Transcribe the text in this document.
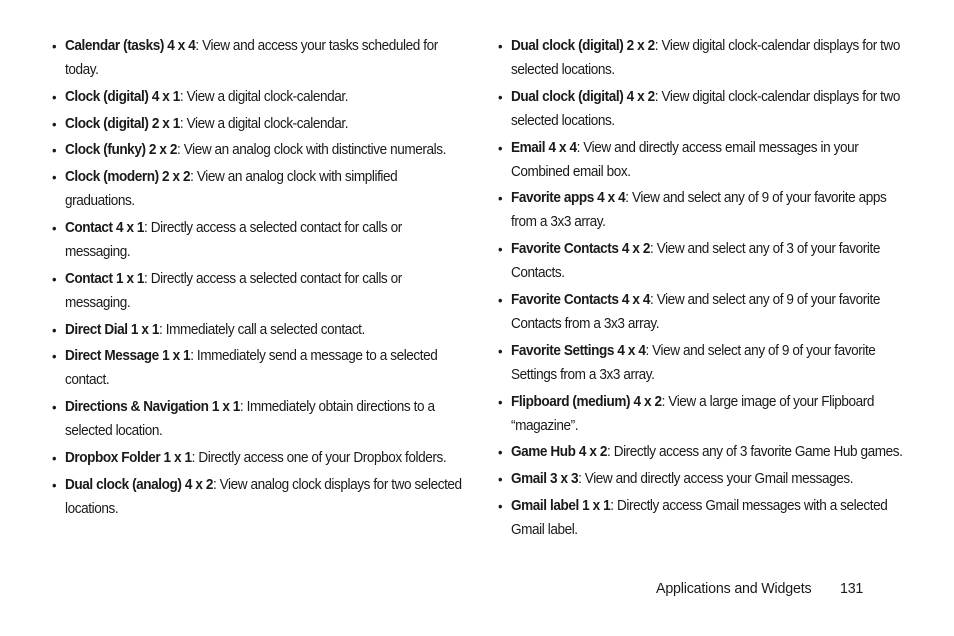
• Calendar (tasks) 4 x 4: View and access your tasks scheduled for today.
• Clock (digital) 4 x 1: View a digital clock-calendar.
• Clock (digital) 2 x 1: View a digital clock-calendar.
• Clock (funky) 2 x 2: View an analog clock with distinctive numerals.
• Clock (modern) 2 x 2: View an analog clock with simplified graduations.
• Contact 4 x 1: Directly access a selected contact for calls or messaging.
• Contact 1 x 1: Directly access a selected contact for calls or messaging.
• Direct Dial 1 x 1: Immediately call a selected contact.
• Direct Message 1 x 1: Immediately send a message to a selected contact.
• Directions & Navigation 1 x 1: Immediately obtain directions to a selected location.
• Dropbox Folder 1 x 1: Directly access one of your Dropbox folders.
• Dual clock (analog) 4 x 2: View analog clock displays for two selected locations.
• Dual clock (digital) 2 x 2: View digital clock-calendar displays for two selected locations.
• Dual clock (digital) 4 x 2: View digital clock-calendar displays for two selected locations.
• Email 4 x 4: View and directly access email messages in your Combined email box.
• Favorite apps 4 x 4: View and select any of 9 of your favorite apps from a 3x3 array.
• Favorite Contacts 4 x 2: View and select any of 3 of your favorite Contacts.
• Favorite Contacts 4 x 4: View and select any of 9 of your favorite Contacts from a 3x3 array.
• Favorite Settings 4 x 4: View and select any of 9 of your favorite Settings from a 3x3 array.
• Flipboard (medium) 4 x 2: View a large image of your Flipboard “magazine”.
• Game Hub 4 x 2: Directly access any of 3 favorite Game Hub games.
• Gmail 3 x 3: View and directly access your Gmail messages.
• Gmail label 1 x 1: Directly access Gmail messages with a selected Gmail label.
Applications and Widgets 131
